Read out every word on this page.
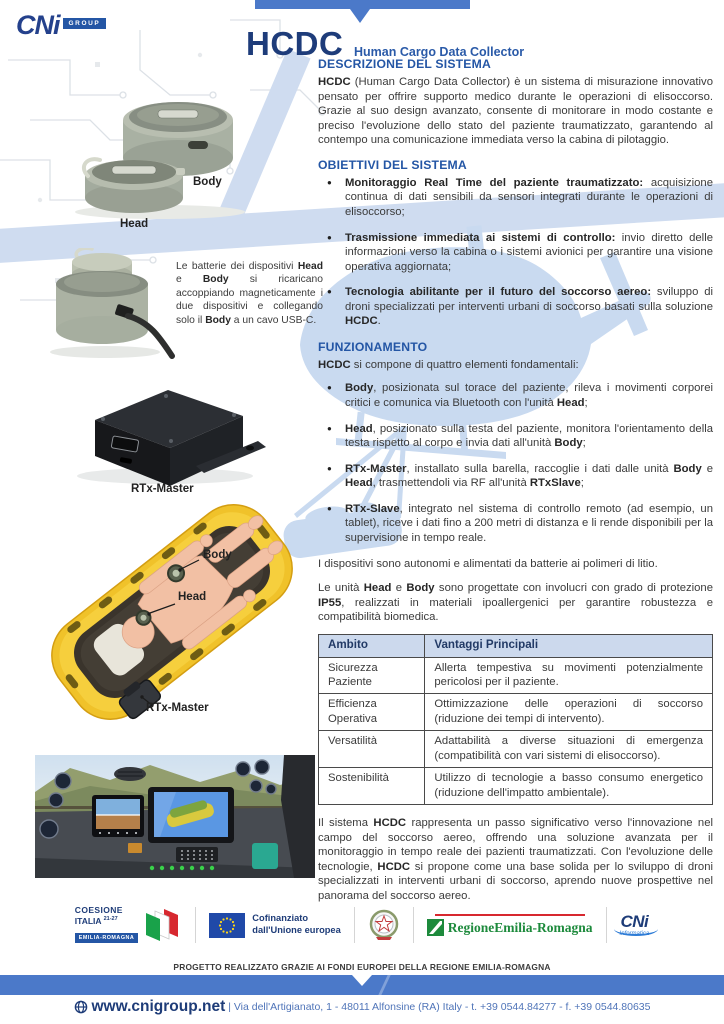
CNi	GROUP
HCDC Human Cargo Data Collector
Body
Head
Le batterie dei dispositivi Head e Body si ricaricano accoppiando magneticamente i due dispositivi e collegando solo il Body a un cavo USB-C.
RTx-Master
Body
Head
RTx-Master
DESCRIZIONE DEL SISTEMA

HCDC (Human Cargo Data Collector) è un sistema di misurazione innovativo pensato per offrire supporto medico durante le operazioni di elisoccorso. Grazie al suo design avanzato, consente di monitorare in modo costante e preciso l'evoluzione dello stato del paziente traumatizzato, garantendo al contempo una comunicazione immediata verso la cabina di pilotaggio.

OBIETTIVI DEL SISTEMA
● Monitoraggio Real Time del paziente traumatizzato: acquisizione continua di dati sensibili da sensori integrati durante le operazioni di elisoccorso;
● Trasmissione immediata ai sistemi di controllo: invio diretto delle informazioni verso la cabina o i sistemi avionici per garantire una visione operativa aggiornata;
● Tecnologia abilitante per il futuro del soccorso aereo: sviluppo di droni specializzati per interventi urbani di soccorso basati sulla soluzione HCDC.
FUNZIONAMENTO

HCDC si compone di quattro elementi fondamentali:

● Body, posizionata sul torace del paziente, rileva i movimenti corporei critici e comunica via Bluetooth con l'unità Head;
● Head, posizionato sulla testa del paziente, monitora l'orientamento della testa rispetto al corpo e invia dati all'unità Body;
● RTx-Master, installato sulla barella, raccoglie i dati dalle unità Body e Head, trasmettendoli via RF all'unità RTxSlave;
● RTx-Slave, integrato nel sistema di controllo remoto (ad esempio, un tablet), riceve i dati fino a 200 metri di distanza e li rende disponibili per la supervisione in tempo reale.

I dispositivi sono autonomi e alimentati da batterie ai polimeri di litio.

Le unità Head e Body sono progettate con involucri con grado di protezione IP55, realizzati in materiali ipoallergenici per garantire robustezza e compatibilità biomedica.

Ambito	Vantaggi Principali
Sicurezza Paziente	Allerta tempestiva su movimenti potenzialmente pericolosi per il paziente.
Efficienza Operativa	Ottimizzazione delle operazioni di soccorso (riduzione dei tempi di intervento).
Versatilità	Adattabilità a diverse situazioni di emergenza (compatibilità con vari sistemi di elisoccorso).
Sostenibilità	Utilizzo di tecnologie a basso consumo energetico (riduzione dell'impatto ambientale).

Il sistema HCDC rappresenta un passo significativo verso l'innovazione nel campo del soccorso aereo, offrendo una soluzione avanzata per il monitoraggio in tempo reale dei pazienti traumatizzati. Con l'evoluzione delle tecnologie, HCDC si propone come una base solida per lo sviluppo di droni specializzati in interventi urbani di soccorso, aprendo nuove prospettive nel panorama del soccorso aereo.

COESIONE
ITALIA $^{21-27}$
EMILIA-ROMAGNA
Cofinanziato
dall'Unione europea	RegioneEmilia-Romagna CNi
Informatica
PROGETTO REALIZZATO GRAZIE AI FONDI EUROPEI DELLA REGIONE EMILIA-ROMAGNA
www.cnigroup.net | Via dell'Artigianato, 1 - 48011 Alfonsine (RA) Italy - t. +39 0544.84277 - f. +39 0544.80635
